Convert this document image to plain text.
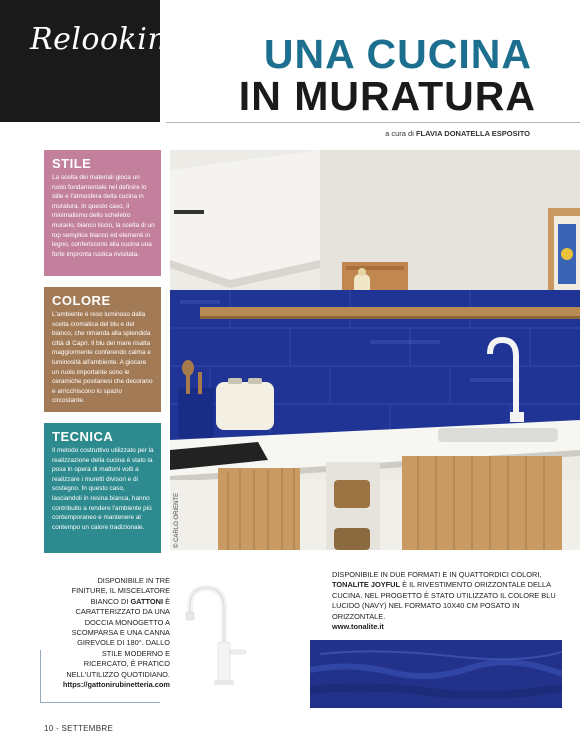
Relooking UNA CUCINA
IN MURATURA
a cura di FLAVIA DONATELLA ESPOSITO
STILE

La scelta dei materiali gioca un ruolo fondamentale nel definire lo stile e l'atmosfera della cucina in muratura. In questo caso, il minimalismo dello scheletro murario, bianco liscio, la scelta di un top semplice bianco ed elementi in legno, conferiscono alla cucina una forte impronta rustica rivisitata.

COLORE

L'ambiente è reso luminoso dalla scelta cromatica del blu e del bianco, che rimanda alla splendida città di Capri. Il blu del mare risalta maggiormente conferendo calma e luminosità all'ambiente. A giocare un ruolo importante sono le ceramiche positanesi che decorano e arricchiscono lo spazio circostante.

TECNICA

Il metodo costruttivo utilizzato per la realizzazione della cucina è stato la posa in opera di mattoni volti a realizzare i muretti divisori e di sostegno. In questo caso, lasciandoli in resina bianca, hanno contribuito a rendere l'ambiente più contemporaneo e mantenere al contempo un calore tradizionale.	© CARLO ORIENTE
DISPONIBILE IN TRE FINITURE, IL MISCELATORE BIANCO DI GATTONI È CARATTERIZZATO DA UNA DOCCIA MONOGETTO A SCOMPARSA E UNA CANNA GIREVOLE DI 180°. DALLO STILE MODERNO E RICERCATO, È PRATICO NELL'UTILIZZO QUOTIDIANO.
https://gattonirubinetteria.com
DISPONIBILE IN DUE FORMATI E IN QUATTORDICI COLORI, TONALITE JOYFUL È IL RIVESTIMENTO ORIZZONTALE DELLA CUCINA. NEL PROGETTO È STATO UTILIZZATO IL COLORE BLU LUCIDO (NAVY) NEL FORMATO 10X40 CM POSATO IN ORIZZONTALE.
www.tonalite.it
10 - SETTEMBRE
